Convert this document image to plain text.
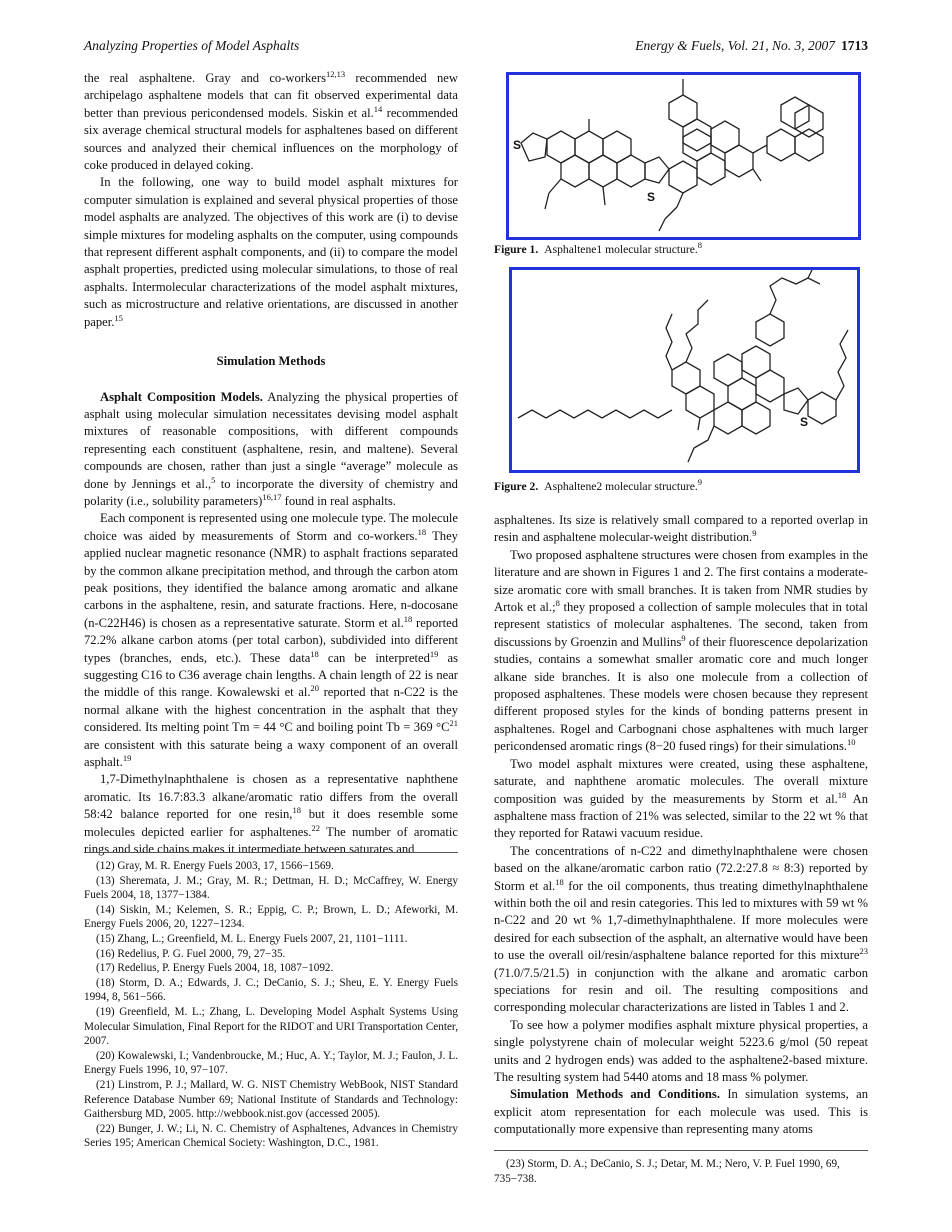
Analyzing Properties of Model Asphalts	Energy & Fuels, Vol. 21, No. 3, 2007 1713

the real asphaltene. Gray and co-workers$^{12,13}$ recommended new archipelago asphaltene models that can fit observed experimental data better than previous pericondensed models. Siskin et al.$^{14}$ recommended six average chemical structural models for asphaltenes based on different sources and analyzed their chemical influences on the morphology of coke produced in delayed coking.

In the following, one way to build model asphalt mixtures for computer simulation is explained and several physical properties of those model asphalts are analyzed. The objectives of this work are (i) to devise simple mixtures for modeling asphalts on the computer, using compounds that represent different asphalt components, and (ii) to compare the model asphalt properties, predicted using molecular simulations, to those of real asphalts. Intermolecular characterizations of the model asphalt mixtures, such as microstructure and relative orientations, are discussed in another paper.$^{15}$

Simulation Methods

Asphalt Composition Models. Analyzing the physical properties of asphalt using molecular simulation necessitates devising model asphalt mixtures of reasonable compositions, with different compounds representing each constituent (asphaltene, resin, and maltene). Several compounds are chosen, rather than just a single “average” molecule as done by Jennings et al.,$^5$ to incorporate the diversity of chemistry and polarity (i.e., solubility parameters)$^{16,17}$ found in real asphalts.

Each component is represented using one molecule type. The molecule choice was aided by measurements of Storm and co-workers.$^{18}$ They applied nuclear magnetic resonance (NMR) to asphalt fractions separated by the common alkane precipitation method, and through the carbon atom peak positions, they identified the balance among aromatic and alkane carbons in the asphaltene, resin, and saturate fractions. Here, n-docosane (n-C22H46) is chosen as a representative saturate. Storm et al.$^{18}$ reported 72.2% alkane carbon atoms (per total carbon), subdivided into different types (branches, ends, etc.). These data$^{18}$ can be interpreted$^{19}$ as suggesting C16 to C36 average chain lengths. A chain length of 22 is near the middle of this range. Kowalewski et al.$^{20}$ reported that n-C22 is the normal alkane with the highest concentration in the asphalt that they considered. Its melting point Tm = 44 °C and boiling point Tb = 369 $^\circ C^{21}$ are consistent with this saturate being a waxy component of an overall asphalt.$^{19}$

1,7-Dimethylnaphthalene is chosen as a representative naphthene aromatic. Its 16.7:83.3 alkane/aromatic ratio differs from the overall 58:42 balance reported for one resin,$^{18}$ but it does resemble some molecules depicted earlier for asphaltenes.$^{22}$ The number of aromatic rings and side chains makes it intermediate between saturates and

(12) Gray, M. R. Energy Fuels 2003, 17, 1566−1569.

(13) Sheremata, J. M.; Gray, M. R.; Dettman, H. D.; McCaffrey, W. Energy Fuels 2004, 18, 1377−1384.

(14) Siskin, M.; Kelemen, S. R.; Eppig, C. P.; Brown, L. D.; Afeworki, M. Energy Fuels 2006, 20, 1227−1234.

(15) Zhang, L.; Greenfield, M. L. Energy Fuels 2007, 21, 1101−1111.

(16) Redelius, P. G. Fuel 2000, 79, 27−35.

(17) Redelius, P. Energy Fuels 2004, 18, 1087−1092.

(18) Storm, D. A.; Edwards, J. C.; DeCanio, S. J.; Sheu, E. Y. Energy Fuels 1994, 8, 561−566.

(19) Greenfield, M. L.; Zhang, L. Developing Model Asphalt Systems Using Molecular Simulation, Final Report for the RIDOT and URI Transportation Center, 2007.

(20) Kowalewski, I.; Vandenbroucke, M.; Huc, A. Y.; Taylor, M. J.; Faulon, J. L. Energy Fuels 1996, 10, 97−107.

(21) Linstrom, P. J.; Mallard, W. G. NIST Chemistry WebBook, NIST Standard Reference Database Number 69; National Institute of Standards and Technology: Gaithersburg MD, 2005. http://webbook.nist.gov (accessed 2005).

(22) Bunger, J. W.; Li, N. C. Chemistry of Asphaltenes, Advances in Chemistry Series 195; American Chemical Society: Washington, D.C., 1981.

S
S
Figure 1. Asphaltene1 molecular structure.$^8$
S
Figure 2. Asphaltene2 molecular structure.$^9$

asphaltenes. Its size is relatively small compared to a reported overlap in resin and asphaltene molecular-weight distribution.$^9$

Two proposed asphaltene structures were chosen from examples in the literature and are shown in Figures 1 and 2. The first contains a moderate-size aromatic core with small branches. It is taken from NMR studies by Artok et al.;$^8$ they proposed a collection of sample molecules that in total represent statistics of molecular asphaltenes. The second, taken from discussions by Groenzin and Mullins$^9$ of their fluorescence depolarization studies, contains a somewhat smaller aromatic core and much longer alkane side branches. It is also one molecule from a collection of proposed asphaltenes. These models were chosen because they represent different proposed styles for the kinds of bonding patterns present in asphaltenes. Rogel and Carbognani chose asphaltenes with much larger pericondensed aromatic rings (8−20 fused rings) for their simulations.$^{10}$

Two model asphalt mixtures were created, using these asphaltene, saturate, and naphthene aromatic molecules. The overall mixture composition was guided by the measurements by Storm et al.$^{18}$ An asphaltene mass fraction of 21% was selected, similar to the 22 wt % that they reported for Ratawi vacuum residue.

The concentrations of n-C22 and dimethylnaphthalene were chosen based on the alkane/aromatic carbon ratio (72.2:27.8 ≈ 8:3) reported by Storm et al.$^{18}$ for the oil components, thus treating dimethylnaphthalene within both the oil and resin categories. This led to mixtures with 59 wt % n-C22 and 20 wt % 1,7-dimethylnaphthalene. If more molecules were desired for each subsection of the asphalt, an alternative would have been to use the overall oil/resin/asphaltene balance reported for this mixture$^{23}$ (71.0/7.5/21.5) in conjunction with the alkane and aromatic carbon speciations for resin and oil. The resulting compositions and corresponding molecular characterizations are listed in Tables 1 and 2.

To see how a polymer modifies asphalt mixture physical properties, a single polystyrene chain of molecular weight 5223.6 g/mol (50 repeat units and 2 hydrogen ends) was added to the asphaltene2-based mixture. The resulting system had 5440 atoms and 18 mass % polymer.

Simulation Methods and Conditions. In simulation systems, an explicit atom representation for each molecule was used. This is computationally more expensive than representing many atoms

(23) Storm, D. A.; DeCanio, S. J.; Detar, M. M.; Nero, V. P. Fuel 1990, 69, 735−738.
